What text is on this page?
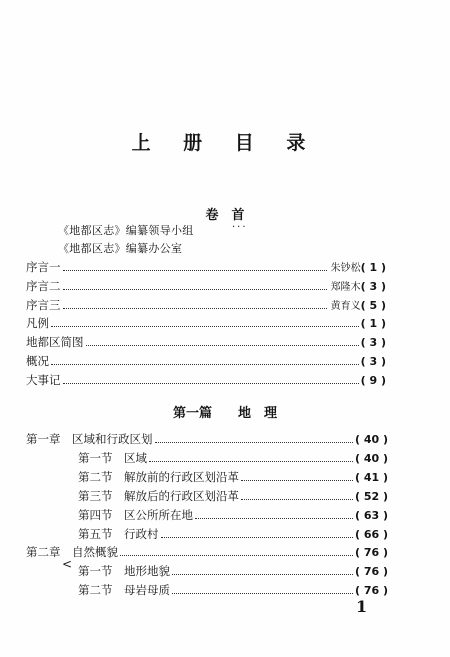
上 册 目 录
卷　首
《地都区志》编纂领导小组	···
《地都区志》编纂办公室
序言一	朱钞松 ( 1 )
序言二	郑隆木 ( 3 )
序言三	黄育义 ( 5 )
凡例	( 1 )
地都区简图	( 3 )
概况	( 3 )
大事记	( 9 )
第一篇　　地　理
第一章　区域和行政区划	( 40 )
第一节　区域	( 40 )
第二节　解放前的行政区划沿革	( 41 )
第三节　解放后的行政区划沿革	( 52 )
第四节　区公所所在地	( 63 )
第五节　行政村	( 66 )
第二章　自然概貌	( 76 )
第一节　地形地貌	( 76 )
第二节　母岩母质	( 76 )
<
1
